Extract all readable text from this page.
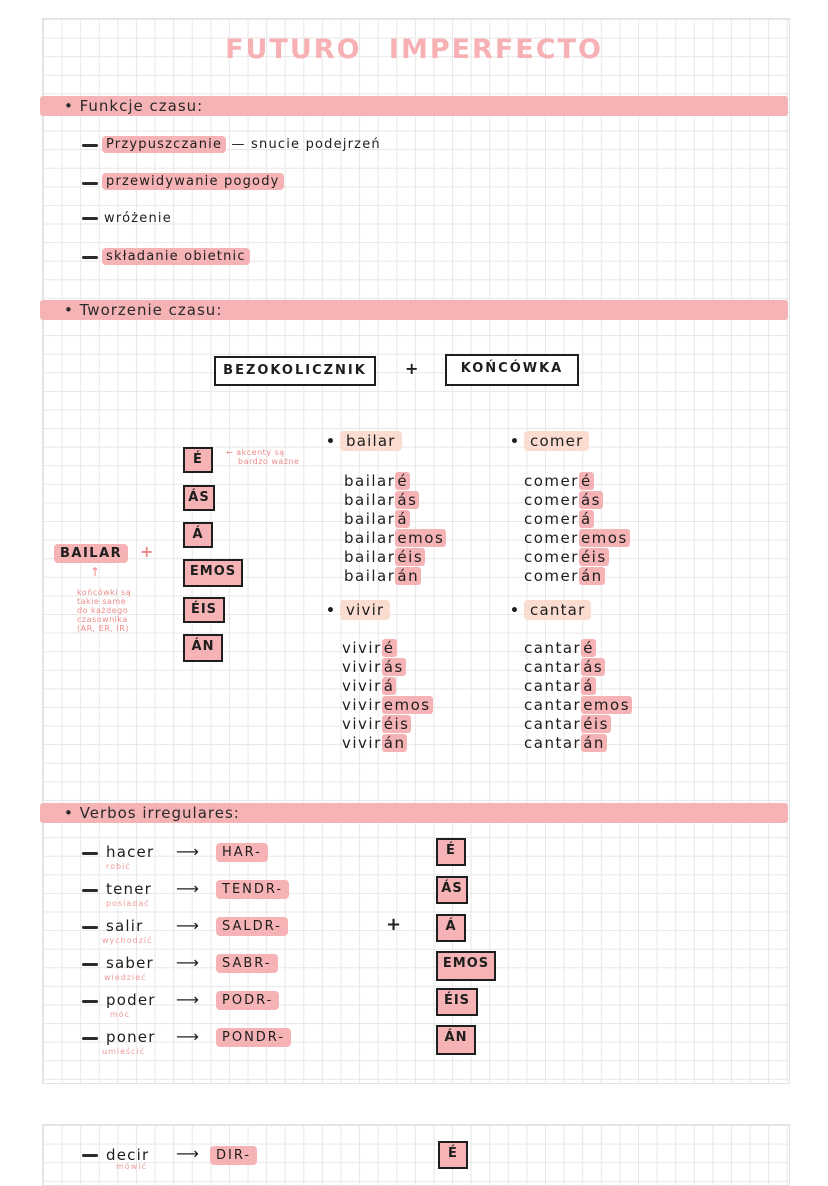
FUTURO IMPERFECTO
• Funkcje czasu:
Przypuszczanie — snucie podejrzeń
przewidywanie pogody
wróżenie
składanie obietnic
• Tworzenie czasu:
BEZOKOLICZNIK	+	KOŃCÓWKA
É
ÁS
Á
EMOS
ÉIS
ÁN
← akcenty są
bardzo ważne
BAILAR	+
↑
końcówki są
takie same
do każdego
czasownika
(AR, ER, IR)
• bailar
bailar é
bailar ás
bailar á
bailar emos
bailar éis
bailar án
• comer
comer é
comer ás
comer á
comer emos
comer éis
comer án
• vivir
vivir é
vivir ás
vivir á
vivir emos
vivir éis
vivir án
• cantar
cantar é
cantar ás
cantar á
cantar emos
cantar éis
cantar án
• Verbos irregulares:
hacer
robić
⟶	HAR-
tener
posiadać
⟶	TENDR-
salir
wychodzić
⟶	SALDR-
saber
wiedzieć
⟶	SABR-
poder
móc
⟶	PODR-
poner
umieścić
⟶	PONDR-
+
É
ÁS
Á
EMOS
ÉIS
ÁN
decir
mówić
⟶	DIR-	É
